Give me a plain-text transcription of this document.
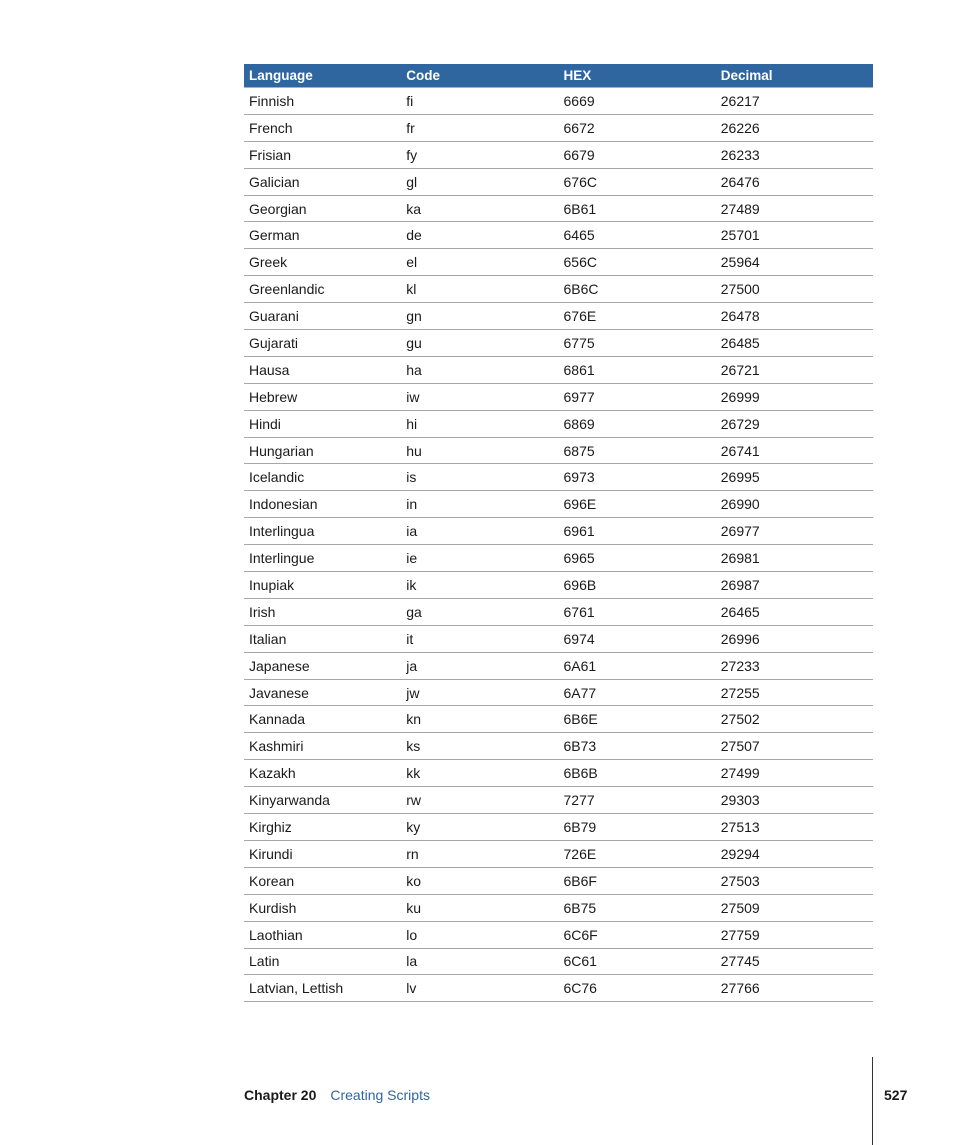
Language	Code	HEX	Decimal
Finnish	fi	6669	26217
French	fr	6672	26226
Frisian	fy	6679	26233
Galician	gl	676C	26476
Georgian	ka	6B61	27489
German	de	6465	25701
Greek	el	656C	25964
Greenlandic	kl	6B6C	27500
Guarani	gn	676E	26478
Gujarati	gu	6775	26485
Hausa	ha	6861	26721
Hebrew	iw	6977	26999
Hindi	hi	6869	26729
Hungarian	hu	6875	26741
Icelandic	is	6973	26995
Indonesian	in	696E	26990
Interlingua	ia	6961	26977
Interlingue	ie	6965	26981
Inupiak	ik	696B	26987
Irish	ga	6761	26465
Italian	it	6974	26996
Japanese	ja	6A61	27233
Javanese	jw	6A77	27255
Kannada	kn	6B6E	27502
Kashmiri	ks	6B73	27507
Kazakh	kk	6B6B	27499
Kinyarwanda	rw	7277	29303
Kirghiz	ky	6B79	27513
Kirundi	rn	726E	29294
Korean	ko	6B6F	27503
Kurdish	ku	6B75	27509
Laothian	lo	6C6F	27759
Latin	la	6C61	27745
Latvian, Lettish	lv	6C76	27766
Chapter 20 Creating Scripts	527
